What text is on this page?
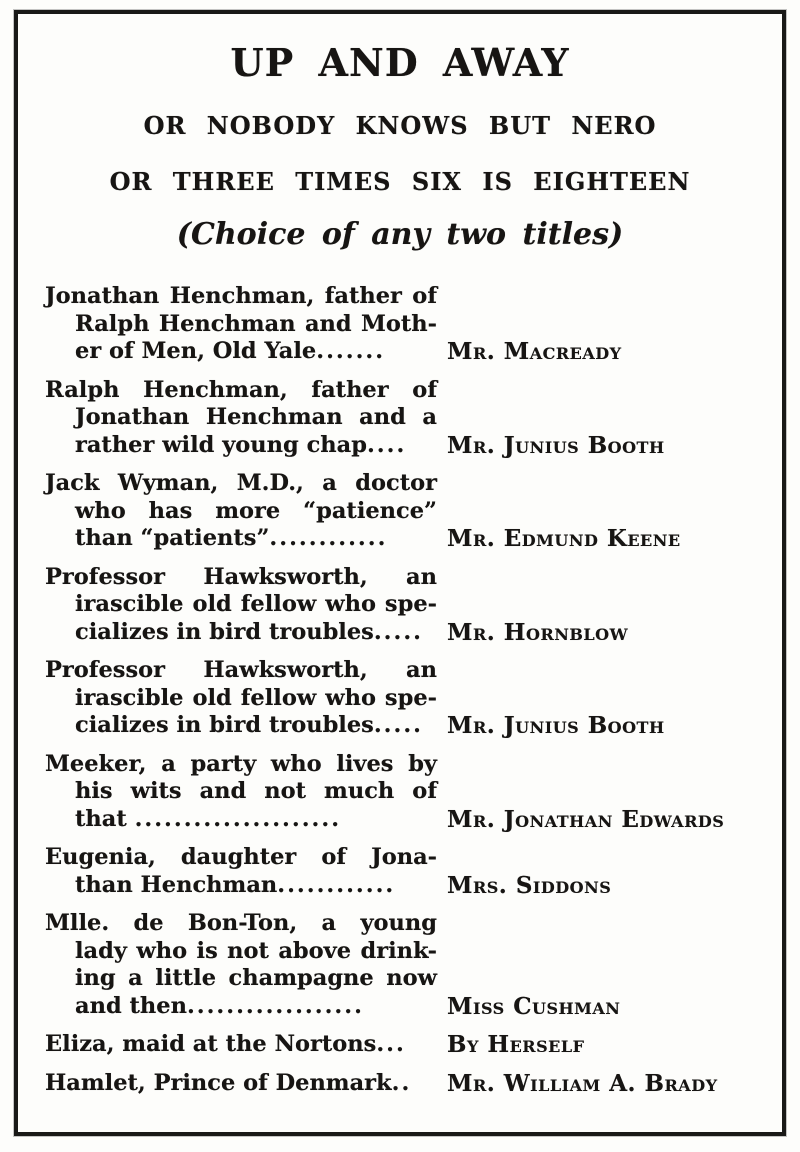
UP AND AWAY
OR NOBODY KNOWS BUT NERO
OR THREE TIMES SIX IS EIGHTEEN
(Choice of any two titles)
Jonathan Henchman, father of
Ralph Henchman and Moth-
er of Men, Old Yale.......	Mr. Macready
Ralph Henchman, father of
Jonathan Henchman and a
rather wild young chap....	Mr. Junius Booth
Jack Wyman, M.D., a doctor
who has more “patience”
than “patients”............	Mr. Edmund Keene
Professor Hawksworth, an
irascible old fellow who spe-
cializes in bird troubles.....	Mr. Hornblow
Professor Hawksworth, an
irascible old fellow who spe-
cializes in bird troubles.....	Mr. Junius Booth
Meeker, a party who lives by
his wits and not much of
that .....................	Mr. Jonathan Edwards
Eugenia, daughter of Jona-
than Henchman............	Mrs. Siddons
Mlle. de Bon-Ton, a young
lady who is not above drink-
ing a little champagne now
and then..................	Miss Cushman
Eliza, maid at the Nortons...	By Herself
Hamlet, Prince of Denmark..	Mr. William A. Brady
